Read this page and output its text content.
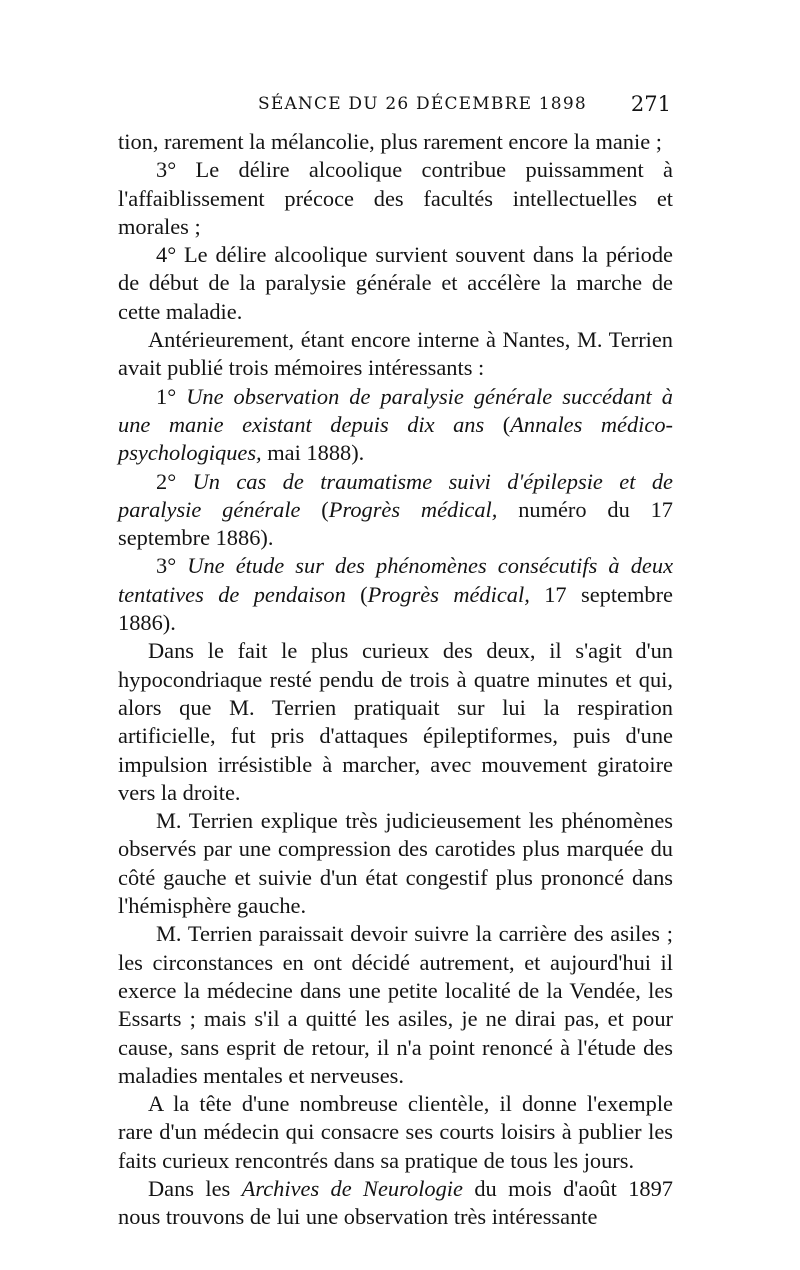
SÉANCE DU 26 DÉCEMBRE 1898 271

tion, rarement la mélancolie, plus rarement encore la manie ;

3° Le délire alcoolique contribue puissamment à l'affaiblissement précoce des facultés intellectuelles et morales ;

4° Le délire alcoolique survient souvent dans la période de début de la paralysie générale et accélère la marche de cette maladie.

Antérieurement, étant encore interne à Nantes, M. Terrien avait publié trois mémoires intéressants :

1° Une observation de paralysie générale succédant à une manie existant depuis dix ans (Annales médico-psychologiques, mai 1888).

2° Un cas de traumatisme suivi d'épilepsie et de paralysie générale (Progrès médical, numéro du 17 septembre 1886).

3° Une étude sur des phénomènes consécutifs à deux tentatives de pendaison (Progrès médical, 17 septembre 1886).

Dans le fait le plus curieux des deux, il s'agit d'un hypocondriaque resté pendu de trois à quatre minutes et qui, alors que M. Terrien pratiquait sur lui la respiration artificielle, fut pris d'attaques épileptiformes, puis d'une impulsion irrésistible à marcher, avec mouvement giratoire vers la droite.

M. Terrien explique très judicieusement les phénomènes observés par une compression des carotides plus marquée du côté gauche et suivie d'un état congestif plus prononcé dans l'hémisphère gauche.

M. Terrien paraissait devoir suivre la carrière des asiles ; les circonstances en ont décidé autrement, et aujourd'hui il exerce la médecine dans une petite localité de la Vendée, les Essarts ; mais s'il a quitté les asiles, je ne dirai pas, et pour cause, sans esprit de retour, il n'a point renoncé à l'étude des maladies mentales et nerveuses.

A la tête d'une nombreuse clientèle, il donne l'exemple rare d'un médecin qui consacre ses courts loisirs à publier les faits curieux rencontrés dans sa pratique de tous les jours.

Dans les Archives de Neurologie du mois d'août 1897 nous trouvons de lui une observation très intéressante
